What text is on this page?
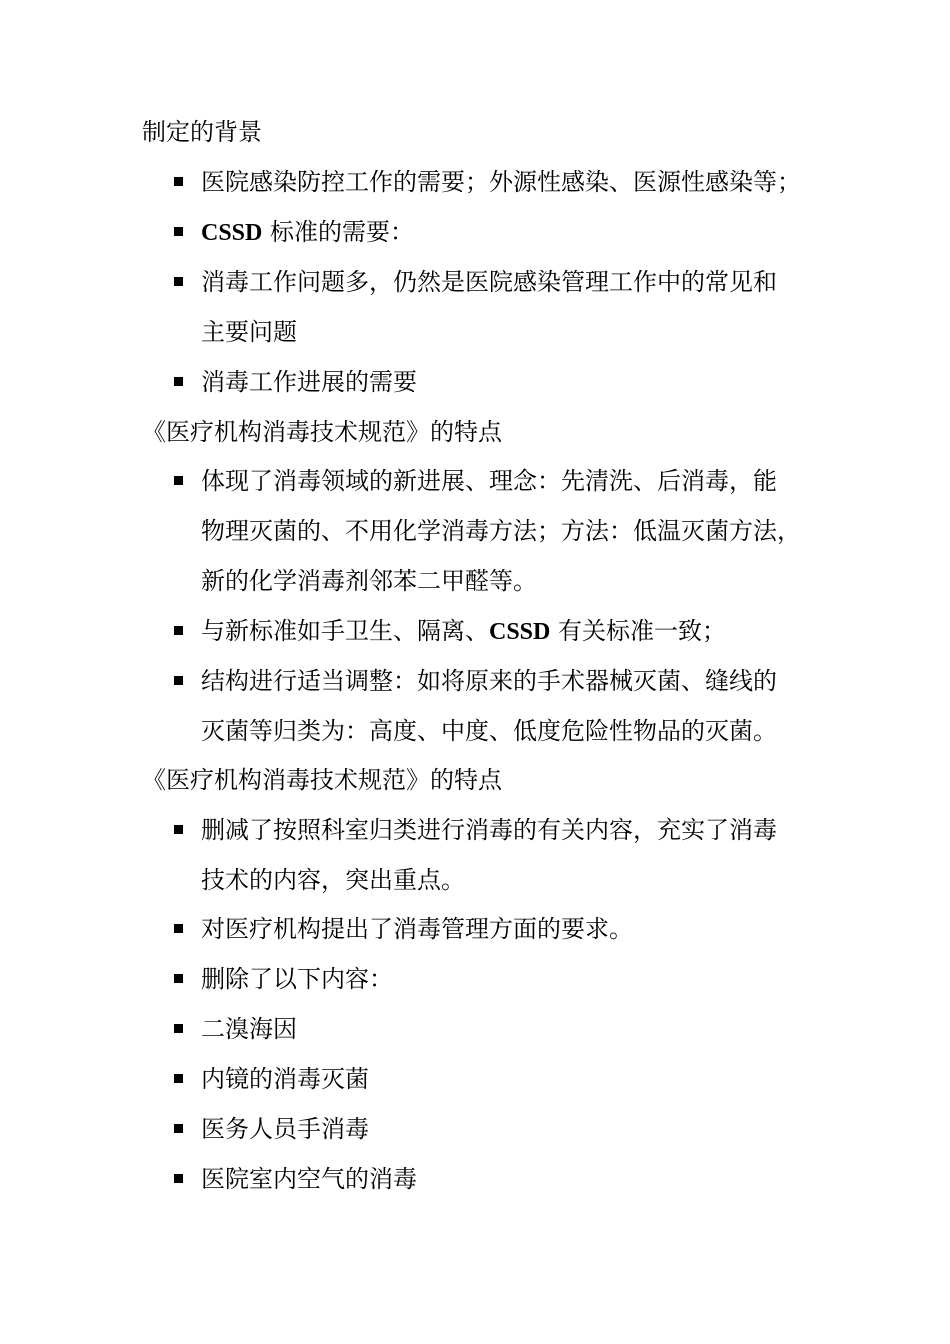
制定的背景
医院感染防控工作的需要；外源性感染、医源性感染等；
CSSD 标准的需要：
消毒工作问题多，仍然是医院感染管理工作中的常见和
主要问题
消毒工作进展的需要
《医疗机构消毒技术规范》的特点
体现了消毒领域的新进展、理念：先清洗、后消毒，能
物理灭菌的、不用化学消毒方法；方法：低温灭菌方法，
新的化学消毒剂邻苯二甲醛等。
与新标准如手卫生、隔离、CSSD 有关标准一致；
结构进行适当调整：如将原来的手术器械灭菌、缝线的
灭菌等归类为：高度、中度、低度危险性物品的灭菌。
《医疗机构消毒技术规范》的特点
删减了按照科室归类进行消毒的有关内容，充实了消毒
技术的内容，突出重点。
对医疗机构提出了消毒管理方面的要求。
删除了以下内容：
二溴海因
内镜的消毒灭菌
医务人员手消毒
医院室内空气的消毒
